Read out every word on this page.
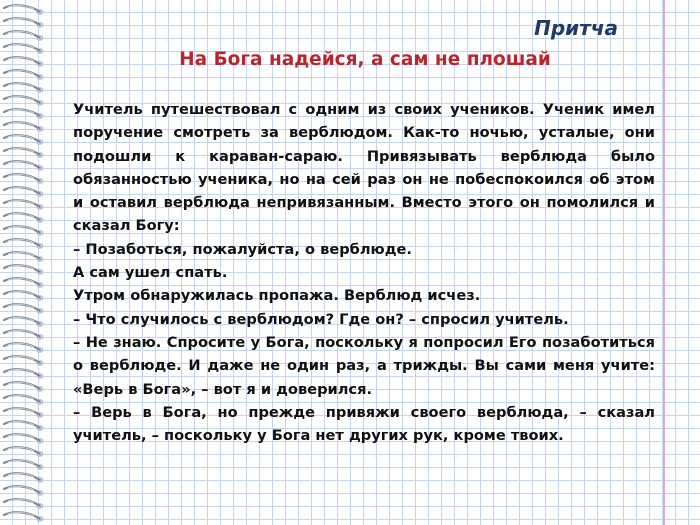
Притча
На Бога надейся, а сам не плошай

Учитель путешествовал с одним из своих учеников. Ученик имел поручение смотреть за верблюдом. Как-то ночью, усталые, они подошли к караван-сараю. Привязывать верблюда было обязанностью ученика, но на сей раз он не побеспокоился об этом и оставил верблюда непривязанным. Вместо этого он помолился и сказал Богу:

– Позаботься, пожалуйста, о верблюде.

А сам ушел спать.

Утром обнаружилась пропажа. Верблюд исчез.

– Что случилось с верблюдом? Где он? – спросил учитель.

– Не знаю. Спросите у Бога, поскольку я попросил Его позаботиться о верблюде. И даже не один раз, а трижды. Вы сами меня учите: «Верь в Бога», – вот я и доверился.

– Верь в Бога, но прежде привяжи своего верблюда, – сказал учитель, – поскольку у Бога нет других рук, кроме твоих.
